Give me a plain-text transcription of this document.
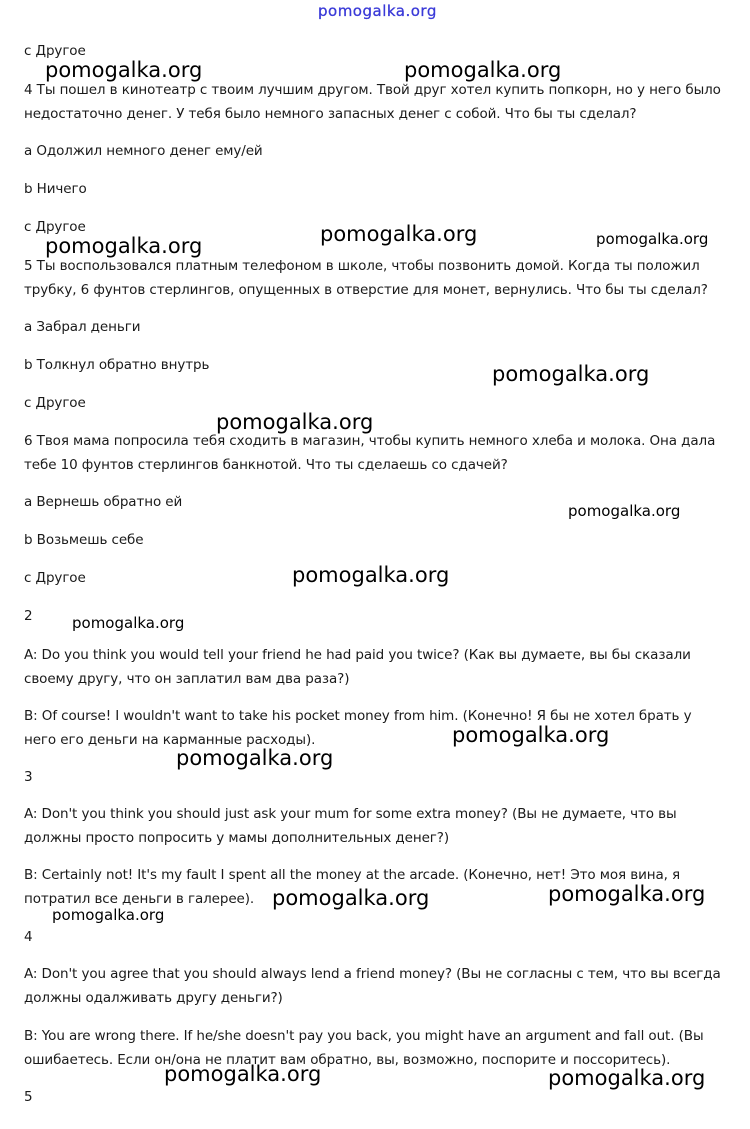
pomogalka.org

c Другое

4 Ты пошел в кинотеатр с твоим лучшим другом. Твой друг хотел купить попкорн, но у него было недостаточно денег. У тебя было немного запасных денег с собой. Что бы ты сделал?

a Одолжил немного денег ему/ей

b Ничего

c Другое

5 Ты воспользовался платным телефоном в школе, чтобы позвонить домой. Когда ты положил трубку, 6 фунтов стерлингов, опущенных в отверстие для монет, вернулись. Что бы ты сделал?

a Забрал деньги

b Толкнул обратно внутрь

c Другое

6 Твоя мама попросила тебя сходить в магазин, чтобы купить немного хлеба и молока. Она дала тебе 10 фунтов стерлингов банкнотой. Что ты сделаешь со сдачей?

a Вернешь обратно ей

b Возьмешь себе

c Другое

2

A: Do you think you would tell your friend he had paid you twice? (Как вы думаете, вы бы сказали своему другу, что он заплатил вам два раза?)

B: Of course! I wouldn't want to take his pocket money from him. (Конечно! Я бы не хотел брать у него его деньги на карманные расходы).

3

A: Don't you think you should just ask your mum for some extra money? (Вы не думаете, что вы должны просто попросить у мамы дополнительных денег?)

B: Certainly not! It's my fault I spent all the money at the arcade. (Конечно, нет! Это моя вина, я потратил все деньги в галерее).

4

A: Don't you agree that you should always lend a friend money? (Вы не согласны с тем, что вы всегда должны одалживать другу деньги?)

B: You are wrong there. If he/she doesn't pay you back, you might have an argument and fall out. (Вы ошибаетесь. Если он/она не платит вам обратно, вы, возможно, поспорите и поссоритесь).

5

pomogalka.org	pomogalka.org
pomogalka.org	pomogalka.org	pomogalka.org
pomogalka.org
pomogalka.org
pomogalka.org
pomogalka.org
pomogalka.org
pomogalka.org
pomogalka.org
pomogalka.org	pomogalka.org
pomogalka.org
pomogalka.org	pomogalka.org
